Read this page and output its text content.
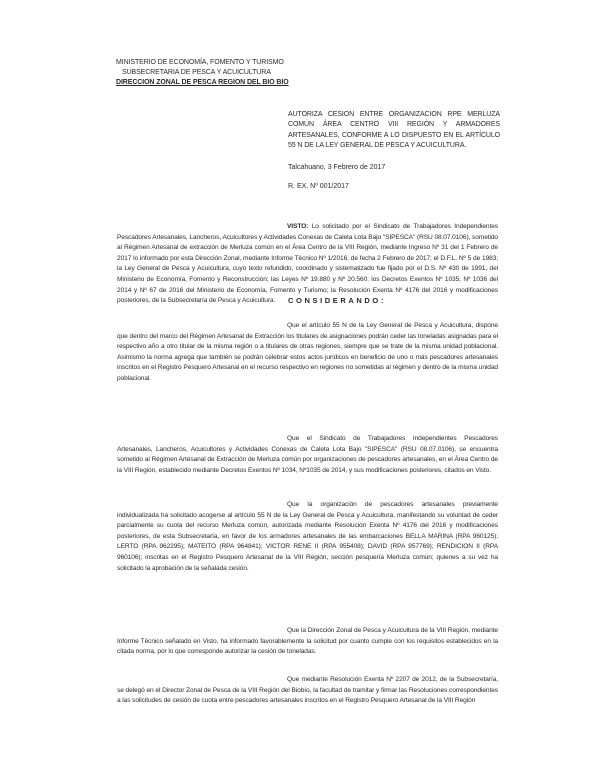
MINISTERIO DE ECONOMÍA, FOMENTO Y TURISMO
SUBSECRETARIA DE PESCA Y ACUICULTURA
DIRECCION ZONAL DE PESCA REGION DEL BIO BIO
AUTORIZA CESION ENTRE ORGANIZACION RPE MERLUZA COMÚN ÁREA CENTRO VIII REGIÓN Y ARMADORES ARTESANALES, CONFORME A LO DISPUESTO EN EL ARTÍCULO 55 N DE LA LEY GENERAL DE PESCA Y ACUICULTURA.
Talcahuano, 3 Febrero de 2017
R. EX. Nº 001/2017
VISTO: Lo solicitado por el Sindicato de Trabajadores Independientes Pescadores Artesanales, Lancheros, Acuicultores y Actividades Conexas de Caleta Lota Bajo "SIPESCA" (RSU 08.07.0106), sometido al Régimen Artesanal de extracción de Merluza común en el Área Centro de la VIII Región, mediante Ingreso Nº 31 del 1 Febrero de 2017 lo informado por esta Dirección Zonal, mediante Informe Técnico Nº 1/2016, de fecha 2 Febrero de 2017; el D.F.L. Nº 5 de 1983; la Ley General de Pesca y Acuicultura, cuyo texto refundido, coordinado y sistematizado fue fijado por el D.S. Nº 430 de 1991, del Ministerio de Economía, Fomento y Reconstrucción; las Leyes Nº 19.880 y Nº 20.560; los Decretos Exentos Nº 1035, Nº 1036 del 2014 y Nº 67 de 2016 del Ministerio de Economía, Fomento y Turismo; la Resolución Exenta Nº 4176 del 2016 y modificaciones posteriores, de la Subsecretaría de Pesca y Acuicultura.	CONSIDERANDO:
Que el artículo 55 N de la Ley General de Pesca y Acuicultura, dispone que dentro del marco del Régimen Artesanal de Extracción los titulares de asignaciones podrán ceder las toneladas asignadas para el respectivo año a otro titular de la misma región o a titulares de otras regiones, siempre que se trate de la misma unidad poblacional. Asimismo la norma agrega que también se podrán celebrar estos actos jurídicos en beneficio de uno o más pescadores artesanales inscritos en el Registro Pesquero Artesanal en el recurso respectivo en regiones no sometidas al régimen y dentro de la misma unidad poblacional.
Que el Sindicato de Trabajadores Independientes Pescadores Artesanales, Lancheros, Acuicultores y Actividades Conexas de Caleta Lota Bajo "SIPESCA" (RSU 08.07.0106), se encuentra sometido al Régimen Artesanal de Extracción de Merluza común por organizaciones de pescadores artesanales, en el Área Centro de la VIII Región, establecido mediante Decretos Exentos Nº 1034, Nº1035 de 2014, y sus modificaciones posteriores, citados en Visto.
Que la organización de pescadores artesanales previamente individualizada ha solicitado acogerse al artículo 55 N de la Ley General de Pesca y Acuicultura, manifestando su voluntad de ceder parcialmente su cuota del recurso Merluza común, autorizada mediante Resolución Exenta Nº 4176 del 2016 y modificaciones posteriores, de esta Subsecretaría, en favor de los armadores artesanales de las embarcaciones BELLA MARINA (RPA 960125); LERTO (RPA 962295); MATEITO (RPA 964841); VICTOR RENE II (RPA 955408); DAVID (RPA 957769); RENDICION II (RPA 960106); inscritas en el Registro Pesquero Artesanal de la VIII Región, sección pesquería Merluza común; quienes a su vez ha solicitado la aprobación de la señalada cesión.
Que la Dirección Zonal de Pesca y Acuicultura de la VIII Región, mediante Informe Técnico señalado en Visto, ha informado favorablemente la solicitud por cuanto cumple con los requisitos establecidos en la citada norma, por lo que corresponde autorizar la cesión de toneladas.
Que mediante Resolución Exenta Nº 2207 de 2012, de la Subsecretaría, se delegó en el Director Zonal de Pesca de la VIII Región del Biobío, la facultad de tramitar y firmar las Resoluciones correspondientes a las solicitudes de cesión de cuota entre pescadores artesanales inscritos en el Registro Pesquero Artesanal de la VIII Región
